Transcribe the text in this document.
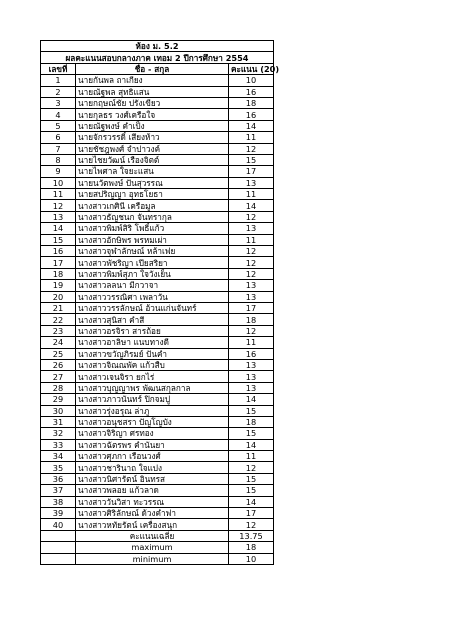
ห้อง ม. 5.2		
ผลคะแนนสอบกลางภาค เทอม 2 ปีการศึกษา 2554		
เลขที่	ชื่อ - สกุล	คะแนน (20)
1	นายกันพล ถาเกียง	10
2	นายณัฐพล สุทธิแสน	16
3	นายกฤษณ์ชัย ปรังเขียว	18
4	นายกุลธร วงศ์เครือใจ	16
5	นายณัฐพงษ์ คำเป็ง	14
6	นายจักรวรรดิ์ เสียงห้าว	11
7	นายชัชฎพงศ์ จำปาวงค์	12
8	นายไชยวัฒน์ เรืองจิตต์	15
9	นายไพศาล ใจยะแสน	17
10	นายนวัตพงษ์ ปันสุวรรณ	13
11	นายสปริญญา อุทธโยธา	11
12	นางสาวเกศินี เครือมูล	14
13	นางสาวธัญชนก จันทรากุล	12
14	นางสาวพิมพ์สิริ โพธิ์แก้ว	13
15	นางสาวอักษิพร พรหมเผ่า	11
16	นางสาวจุฬาลักษณ์ หล้าเฟย	12
17	นางสาวพัชริญา เปียสริยา	12
18	นางสาวพิมพ์สุภา ใจวังเย็น	12
19	นางสาวลลนา มีกวาจา	13
20	นางสาววรรณิศา เพลาวัน	13
21	นางสาววรรลักษณ์ อ้วนแก่นจันทร์	17
22	นางสาวสุนิสา คำสี	18
23	นางสาวอรจิรา สารถ้อย	12
24	นางสาวอาลิษา แนบทางดี	11
25	นางสาวขวัญภิรมย์ ปันคำ	16
26	นางสาวจิณณพัค แก้วสืบ	13
27	นางสาวเจนจิรา ยกไร่	13
28	นางสาวบุญญาพร พัฒนสกุลกาล	13
29	นางสาวภาวนันทร์ ปิกจมปู	14
30	นางสาวรุ่งอรุณ ล่าภู	15
31	นางสาวอนุชสรา ปัญโญบัง	18
32	นางสาวจิริญา ศรทอง	15
33	นางสาวฉัตรพร คำนันยา	14
34	นางสาวศุภกา เรือนวงศ์	11
35	นางสาวชารินาถ ใจแปง	12
36	นางสาวนิศารัตน์ อินทรส	15
37	นางสาวพลอย แก้วลาด	15
38	นางสาววันวิสา ทะวรรณ	14
39	นางสาวศิริลักษณ์ ด้วงคำฟา	17
40	นางสาวหทัยรัตน์ เครื่องสนุก	12
	คะแนนเฉลี่ย	13.75
	maximum	18
	minimum	10
